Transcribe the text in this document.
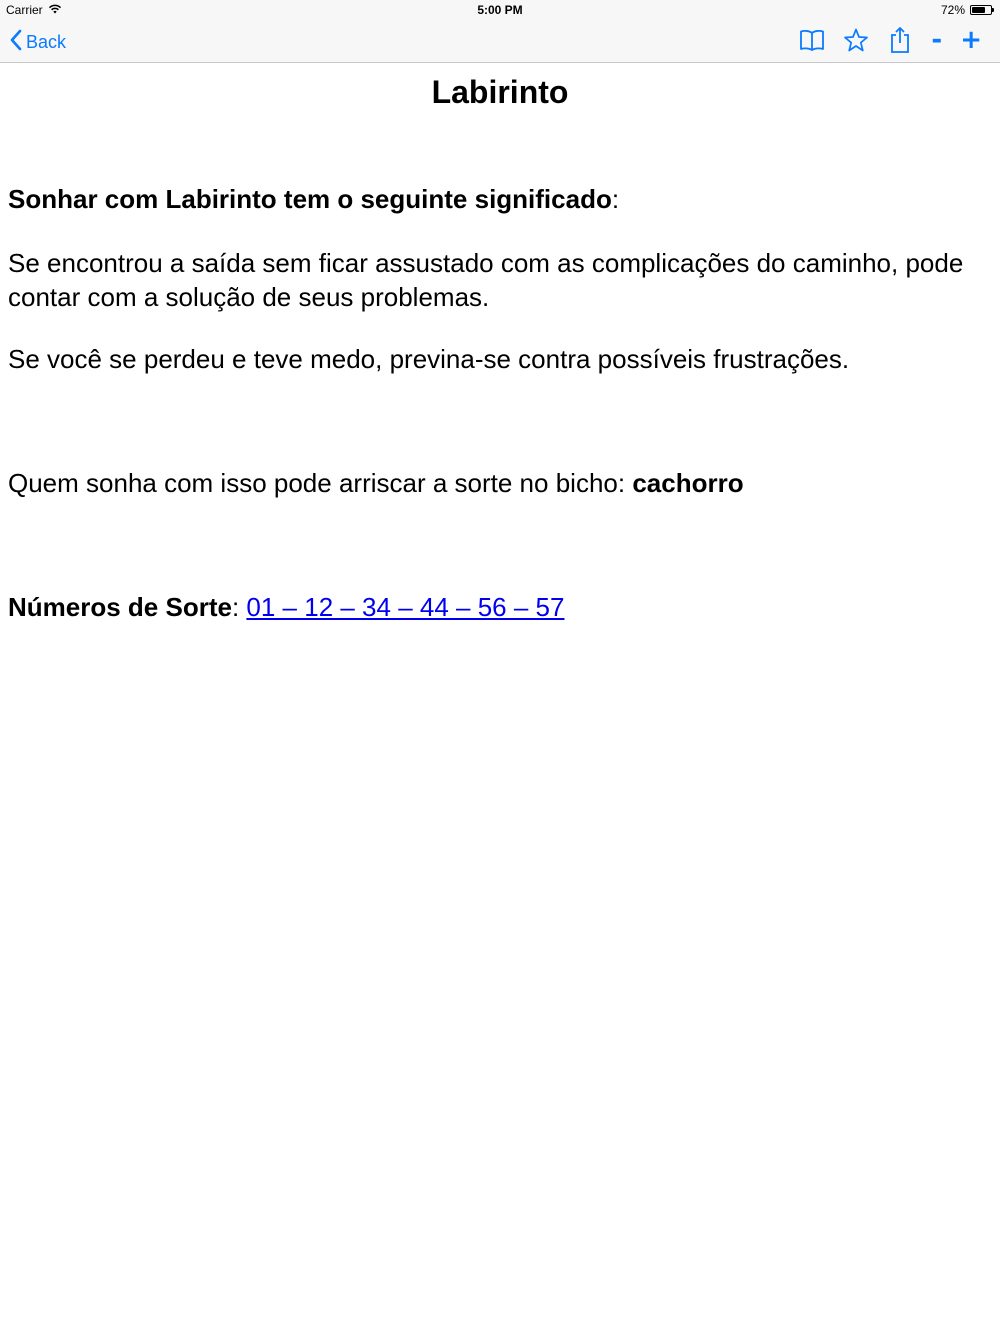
Carrier	5:00 PM	72%
Back	- +
Labirinto

Sonhar com Labirinto tem o seguinte significado:

Se encontrou a saída sem ficar assustado com as complicações do caminho, pode contar com a solução de seus problemas.

Se você se perdeu e teve medo, previna-se contra possíveis frustrações.

Quem sonha com isso pode arriscar a sorte no bicho: cachorro

Números de Sorte: 01 – 12 – 34 – 44 – 56 – 57
